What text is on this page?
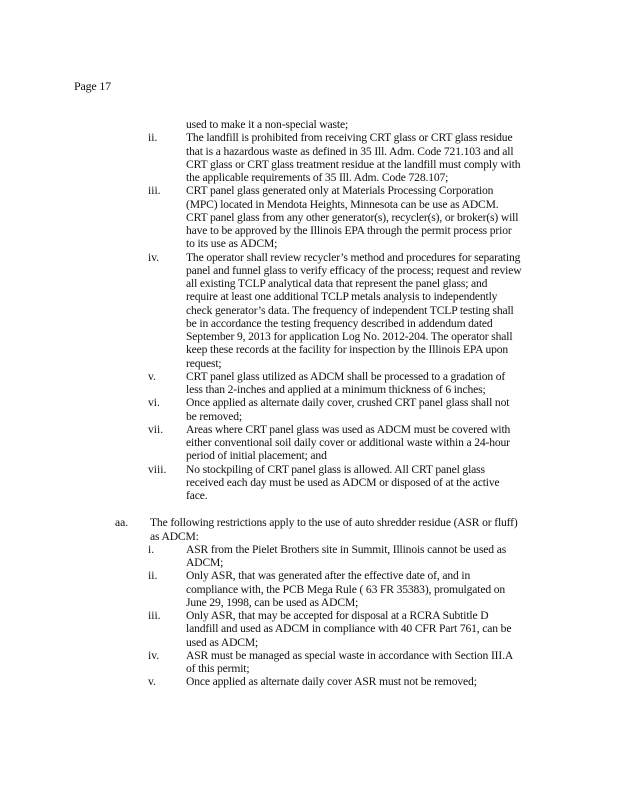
Page 17
used to make it a non-special waste;
ii. The landfill is prohibited from receiving CRT glass or CRT glass residue
that is a hazardous waste as defined in 35 Ill. Adm. Code 721.103 and all
CRT glass or CRT glass treatment residue at the landfill must comply with
the applicable requirements of 35 Ill. Adm. Code 728.107;
iii. CRT panel glass generated only at Materials Processing Corporation
(MPC) located in Mendota Heights, Minnesota can be use as ADCM.
CRT panel glass from any other generator(s), recycler(s), or broker(s) will
have to be approved by the Illinois EPA through the permit process prior
to its use as ADCM;
iv. The operator shall review recycler’s method and procedures for separating
panel and funnel glass to verify efficacy of the process; request and review
all existing TCLP analytical data that represent the panel glass; and
require at least one additional TCLP metals analysis to independently
check generator’s data. The frequency of independent TCLP testing shall
be in accordance the testing frequency described in addendum dated
September 9, 2013 for application Log No. 2012-204. The operator shall
keep these records at the facility for inspection by the Illinois EPA upon
request;
v.	CRT panel glass utilized as ADCM shall be processed to a gradation of
less than 2-inches and applied at a minimum thickness of 6 inches;
vi. Once applied as alternate daily cover, crushed CRT panel glass shall not
be removed;
vii. Areas where CRT panel glass was used as ADCM must be covered with
either conventional soil daily cover or additional waste within a 24-hour
period of initial placement; and
viii. No stockpiling of CRT panel glass is allowed. All CRT panel glass
received each day must be used as ADCM or disposed of at the active
face.
aa. The following restrictions apply to the use of auto shredder residue (ASR or fluff)
as ADCM:
i.	ASR from the Pielet Brothers site in Summit, Illinois cannot be used as
ADCM;
ii. Only ASR, that was generated after the effective date of, and in
compliance with, the PCB Mega Rule ( 63 FR 35383), promulgated on
June 29, 1998, can be used as ADCM;
iii. Only ASR, that may be accepted for disposal at a RCRA Subtitle D
landfill and used as ADCM in compliance with 40 CFR Part 761, can be
used as ADCM;
iv. ASR must be managed as special waste in accordance with Section III.A
of this permit;
v.	Once applied as alternate daily cover ASR must not be removed;
